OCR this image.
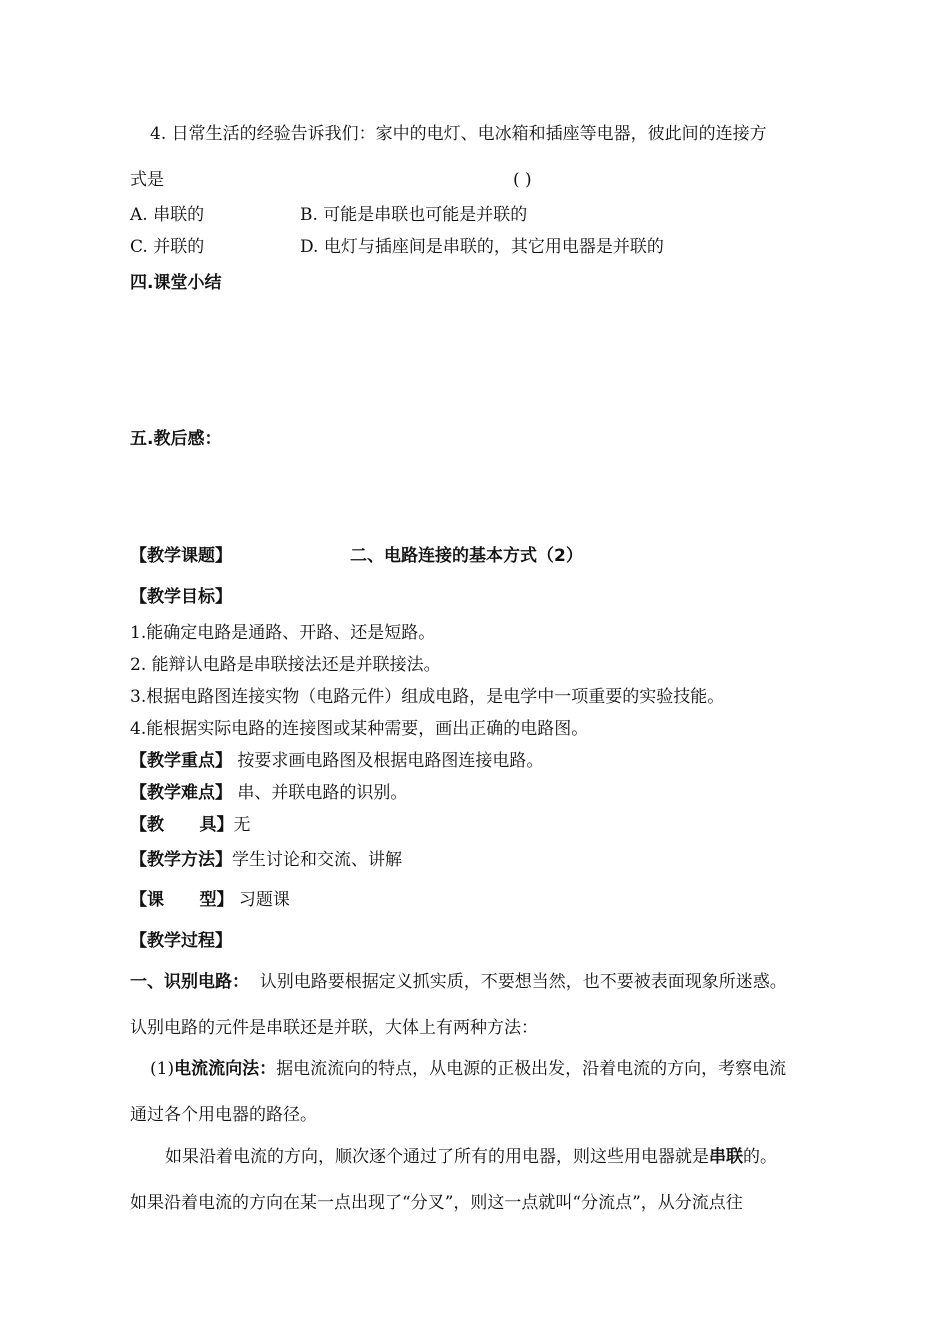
4. 日常生活的经验告诉我们：家中的电灯、电冰箱和插座等电器，彼此间的连接方
式是	( )
A. 串联的	B. 可能是串联也可能是并联的
C. 并联的	D. 电灯与插座间是串联的，其它用电器是并联的
四.课堂小结
五.教后感：
【教学课题】	二、电路连接的基本方式（2）
【教学目标】
1.能确定电路是通路、开路、还是短路。
2. 能辩认电路是串联接法还是并联接法。
3.根据电路图连接实物（电路元件）组成电路，是电学中一项重要的实验技能。
4.能根据实际电路的连接图或某种需要，画出正确的电路图。
【教学重点】 按要求画电路图及根据电路图连接电路。
【教学难点】 串、并联电路的识别。
【教      具】无
【教学方法】学生讨论和交流、讲解
【课      型】 习题课
【教学过程】
一、识别电路：  认别电路要根据定义抓实质，不要想当然，也不要被表面现象所迷惑。
认别电路的元件是串联还是并联，大体上有两种方法：
(1)电流流向法：据电流流向的特点，从电源的正极出发，沿着电流的方向，考察电流
通过各个用电器的路径。
如果沿着电流的方向，顺次逐个通过了所有的用电器，则这些用电器就是串联的。
如果沿着电流的方向在某一点出现了“分叉”，则这一点就叫“分流点”，从分流点往
